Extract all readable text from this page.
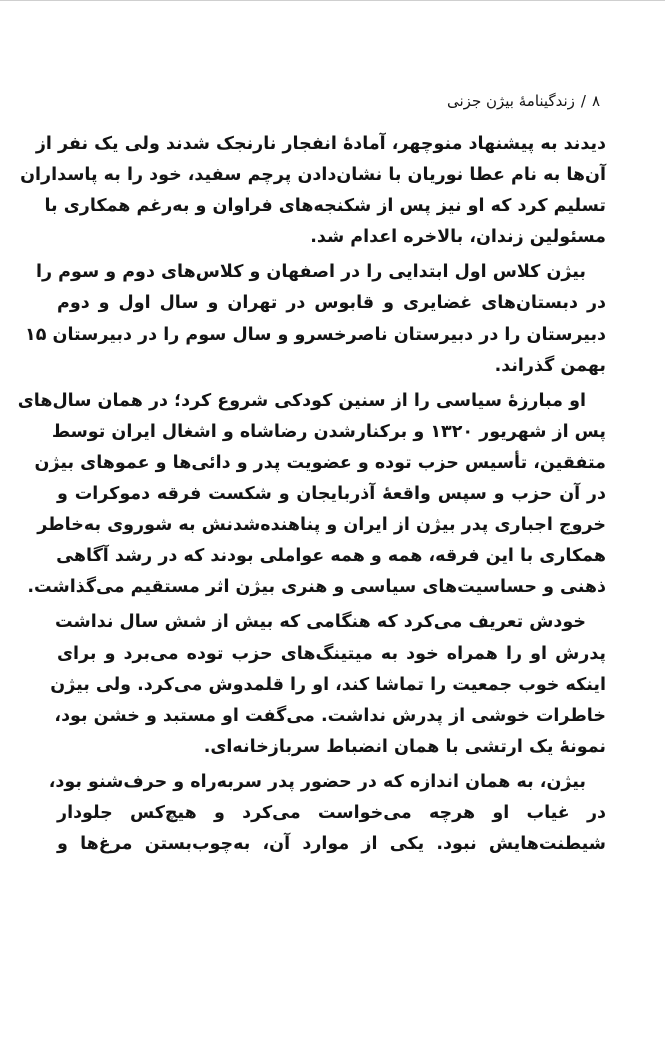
۸/زندگینامهٔ بیژن جزنی
دیدند به پیشنهاد منوچهر، آمادهٔ انفجار نارنجک شدند ولی یک نفر از
آن‌ها به نام عطا نوریان با نشان‌دادن پرچم سفید، خود را به پاسداران
تسلیم کرد که او نیز پس از شکنجه‌های فراوان و به‌رغم همکاری با
مسئولین زندان، بالاخره اعدام شد.
بیژن کلاس اول ابتدایی را در اصفهان و کلاس‌های دوم و سوم را
در دبستان‌های غضایری و قابوس در تهران و سال اول و دوم
دبیرستان را در دبیرستان ناصرخسرو و سال سوم را در دبیرستان ۱۵
بهمن گذراند.
او مبارزهٔ سیاسی را از سنین کودکی شروع کرد؛ در همان سال‌های
پس از شهریور ۱۳۲۰ و برکنارشدن رضاشاه و اشغال ایران توسط
متفقین، تأسیس حزب توده و عضویت پدر و دائی‌ها و عموهای بیژن
در آن حزب و سپس واقعهٔ آذربایجان و شکست فرقه دموکرات و
خروج اجباری پدر بیژن از ایران و پناهنده‌شدنش به شوروی به‌خاطر
همکاری با این فرقه، همه و همه عواملی بودند که در رشد آگاهی
ذهنی و حساسیت‌های سیاسی و هنری بیژن اثر مستقیم می‌گذاشت.
خودش تعریف می‌کرد که هنگامی که بیش از شش سال نداشت
پدرش او را همراه خود به میتینگ‌های حزب توده می‌برد و برای
اینکه خوب جمعیت را تماشا کند، او را قلمدوش می‌کرد. ولی بیژن
خاطرات خوشی از پدرش نداشت. می‌گفت او مستبد و خشن بود،
نمونهٔ یک ارتشی با همان انضباط سربازخانه‌ای.
بیژن، به همان اندازه که در حضور پدر سربه‌راه و حرف‌شنو بود،
در غیاب او هرچه می‌خواست می‌کرد و هیچ‌کس جلودار
شیطنت‌هایش نبود. یکی از موارد آن، به‌چوب‌بستن مرغ‌ها و
